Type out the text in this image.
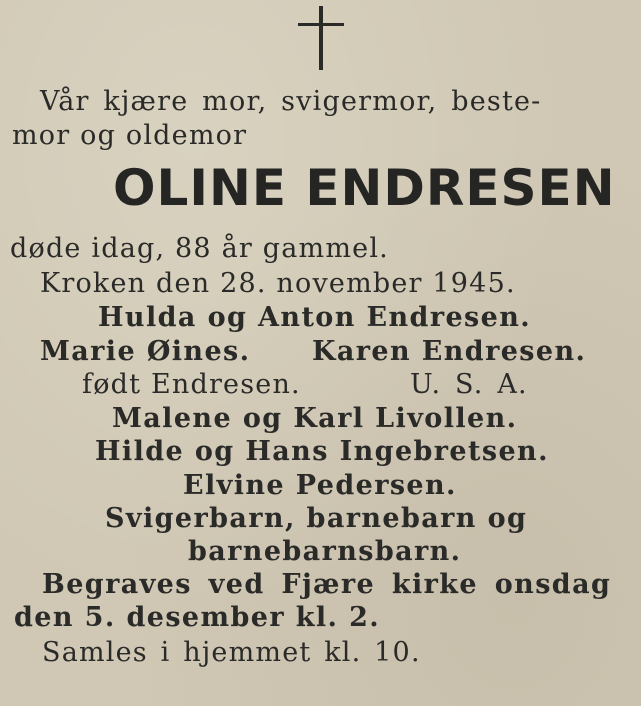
Vår kjære mor, svigermor, beste-
mor og oldemor
OLINE ENDRESEN
døde idag, 88 år gammel.
Kroken den 28. november 1945.
Hulda og Anton Endresen.
Marie Øines. Karen Endresen.
født Endresen.	U. S. A.
Malene og Karl Livollen.
Hilde og Hans Ingebretsen.
Elvine Pedersen.
Svigerbarn, barnebarn og
barnebarnsbarn.
Begraves ved Fjære kirke onsdag
den 5. desember kl. 2.
Samles i hjemmet kl. 10.
